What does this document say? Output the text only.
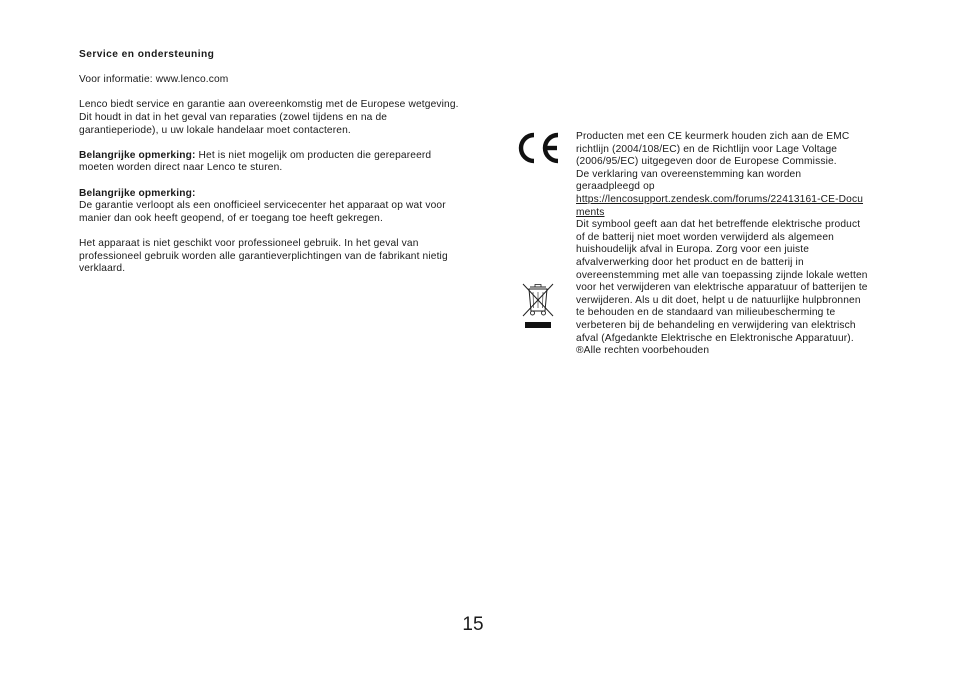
Service en ondersteuning

Voor informatie: www.lenco.com

Lenco biedt service en garantie aan overeenkomstig met de Europese wetgeving. Dit houdt in dat in het geval van reparaties (zowel tijdens en na de garantieperiode), u uw lokale handelaar moet contacteren.

Belangrijke opmerking: Het is niet mogelijk om producten die gerepareerd moeten worden direct naar Lenco te sturen.

Belangrijke opmerking:

De garantie verloopt als een onofficieel servicecenter het apparaat op wat voor manier dan ook heeft geopend, of er toegang toe heeft gekregen.

Het apparaat is niet geschikt voor professioneel gebruik. In het geval van professioneel gebruik worden alle garantieverplichtingen van de fabrikant nietig verklaard.

Producten met een CE keurmerk houden zich aan de EMC richtlijn (2004/108/EC) en de Richtlijn voor Lage Voltage (2006/95/EC) uitgegeven door de Europese Commissie.

De verklaring van overeenstemming kan worden geraadpleegd op

https://lencosupport.zendesk.com/forums/22413161-CE-Documents

Dit symbool geeft aan dat het betreffende elektrische product of de batterij niet moet worden verwijderd als algemeen huishoudelijk afval in Europa. Zorg voor een juiste afvalverwerking door het product en de batterij in overeenstemming met alle van toepassing zijnde lokale wetten voor het verwijderen van elektrische apparatuur of batterijen te verwijderen. Als u dit doet, helpt u de natuurlijke hulpbronnen te behouden en de standaard van milieubescherming te verbeteren bij de behandeling en verwijdering van elektrisch afval (Afgedankte Elektrische en Elektronische Apparatuur).

®Alle rechten voorbehouden

15
